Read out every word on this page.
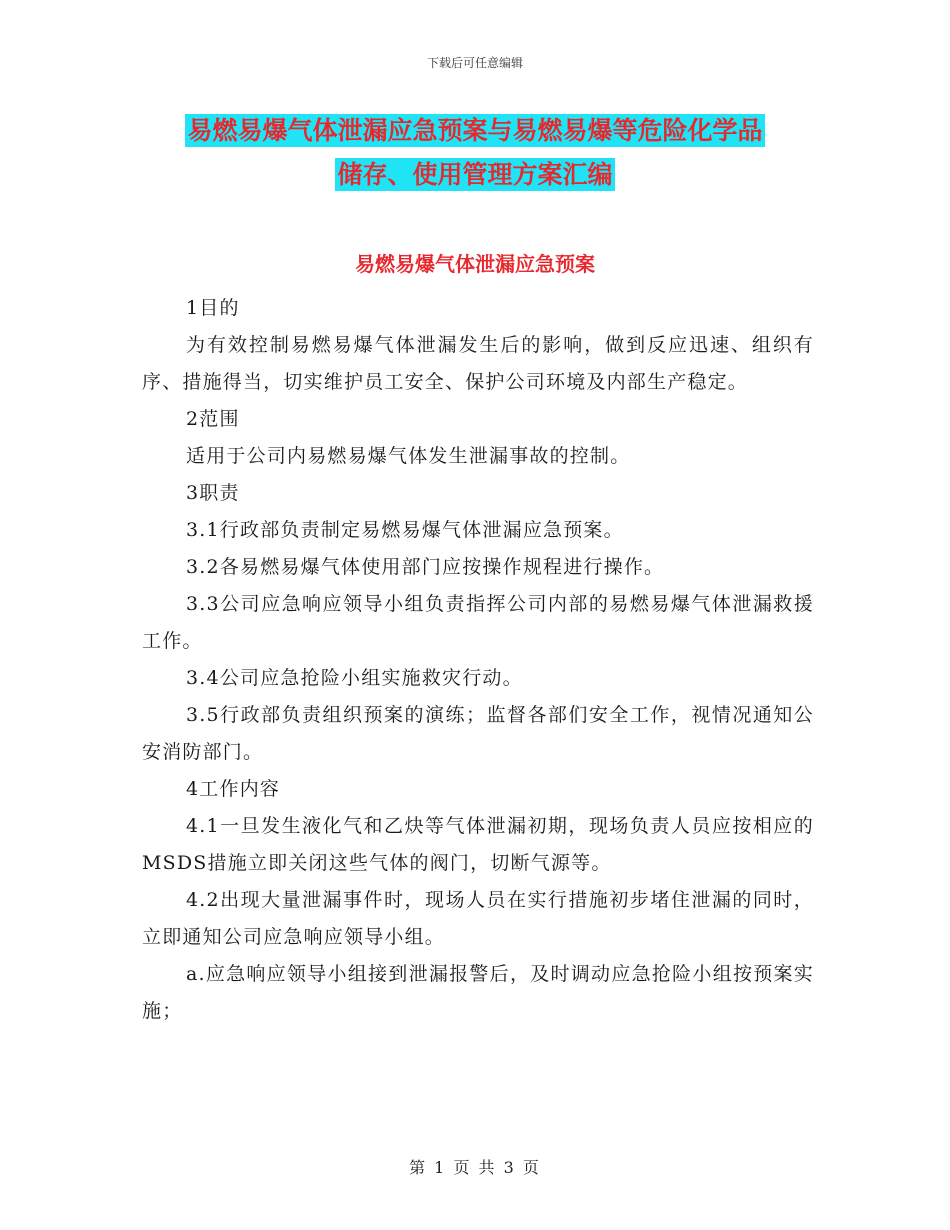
下载后可任意编辑
易燃易爆气体泄漏应急预案与易燃易爆等危险化学品
储存、使用管理方案汇编
易燃易爆气体泄漏应急预案

1目的

为有效控制易燃易爆气体泄漏发生后的影响，做到反应迅速、组织有序、措施得当，切实维护员工安全、保护公司环境及内部生产稳定。

2范围

适用于公司内易燃易爆气体发生泄漏事故的控制。

3职责

3.1行政部负责制定易燃易爆气体泄漏应急预案。

3.2各易燃易爆气体使用部门应按操作规程进行操作。

3.3公司应急响应领导小组负责指挥公司内部的易燃易爆气体泄漏救援工作。

3.4公司应急抢险小组实施救灾行动。

3.5行政部负责组织预案的演练；监督各部们安全工作，视情况通知公安消防部门。

4工作内容

4.1一旦发生液化气和乙炔等气体泄漏初期，现场负责人员应按相应的MSDS措施立即关闭这些气体的阀门，切断气源等。

4.2出现大量泄漏事件时，现场人员在实行措施初步堵住泄漏的同时，立即通知公司应急响应领导小组。

a.应急响应领导小组接到泄漏报警后，及时调动应急抢险小组按预案实施；

第 1 页 共 3 页
